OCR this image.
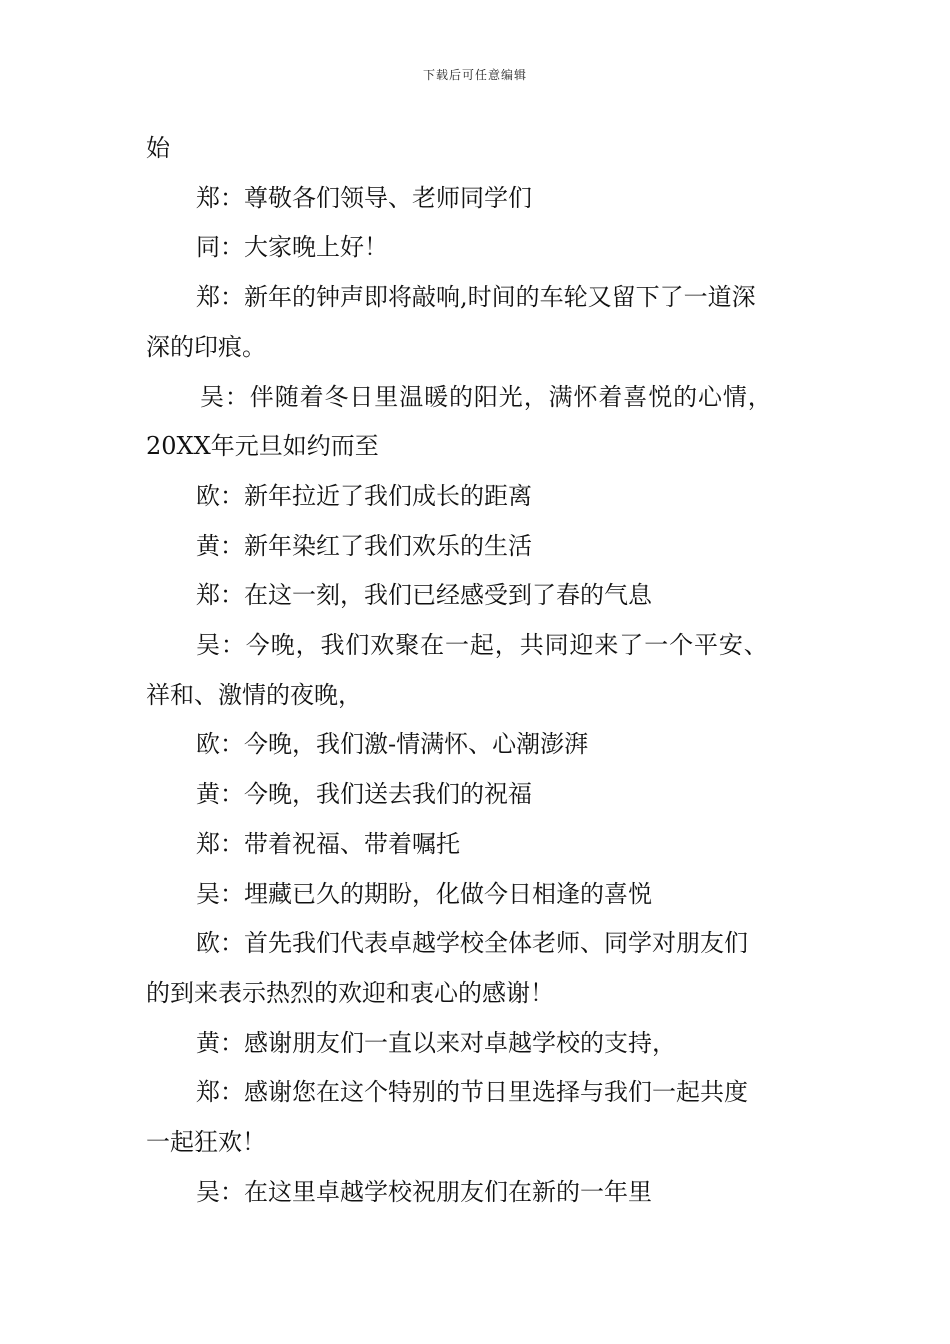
下载后可任意编辑

始

郑：尊敬各们领导、老师同学们

同：大家晚上好！

郑：新年的钟声即将敲响,时间的车轮又留下了一道深

深的印痕。

吴：伴随着冬日里温暖的阳光，满怀着喜悦的心情，

20XX年元旦如约而至

欧：新年拉近了我们成长的距离

黄：新年染红了我们欢乐的生活

郑：在这一刻，我们已经感受到了春的气息

吴：今晚，我们欢聚在一起，共同迎来了一个平安、

祥和、激情的夜晚，

欧：今晚，我们激-情满怀、心潮澎湃

黄：今晚，我们送去我们的祝福

郑：带着祝福、带着嘱托

吴：埋藏已久的期盼，化做今日相逢的喜悦

欧：首先我们代表卓越学校全体老师、同学对朋友们

的到来表示热烈的欢迎和衷心的感谢！

黄：感谢朋友们一直以来对卓越学校的支持，

郑：感谢您在这个特别的节日里选择与我们一起共度

一起狂欢！

吴：在这里卓越学校祝朋友们在新的一年里
